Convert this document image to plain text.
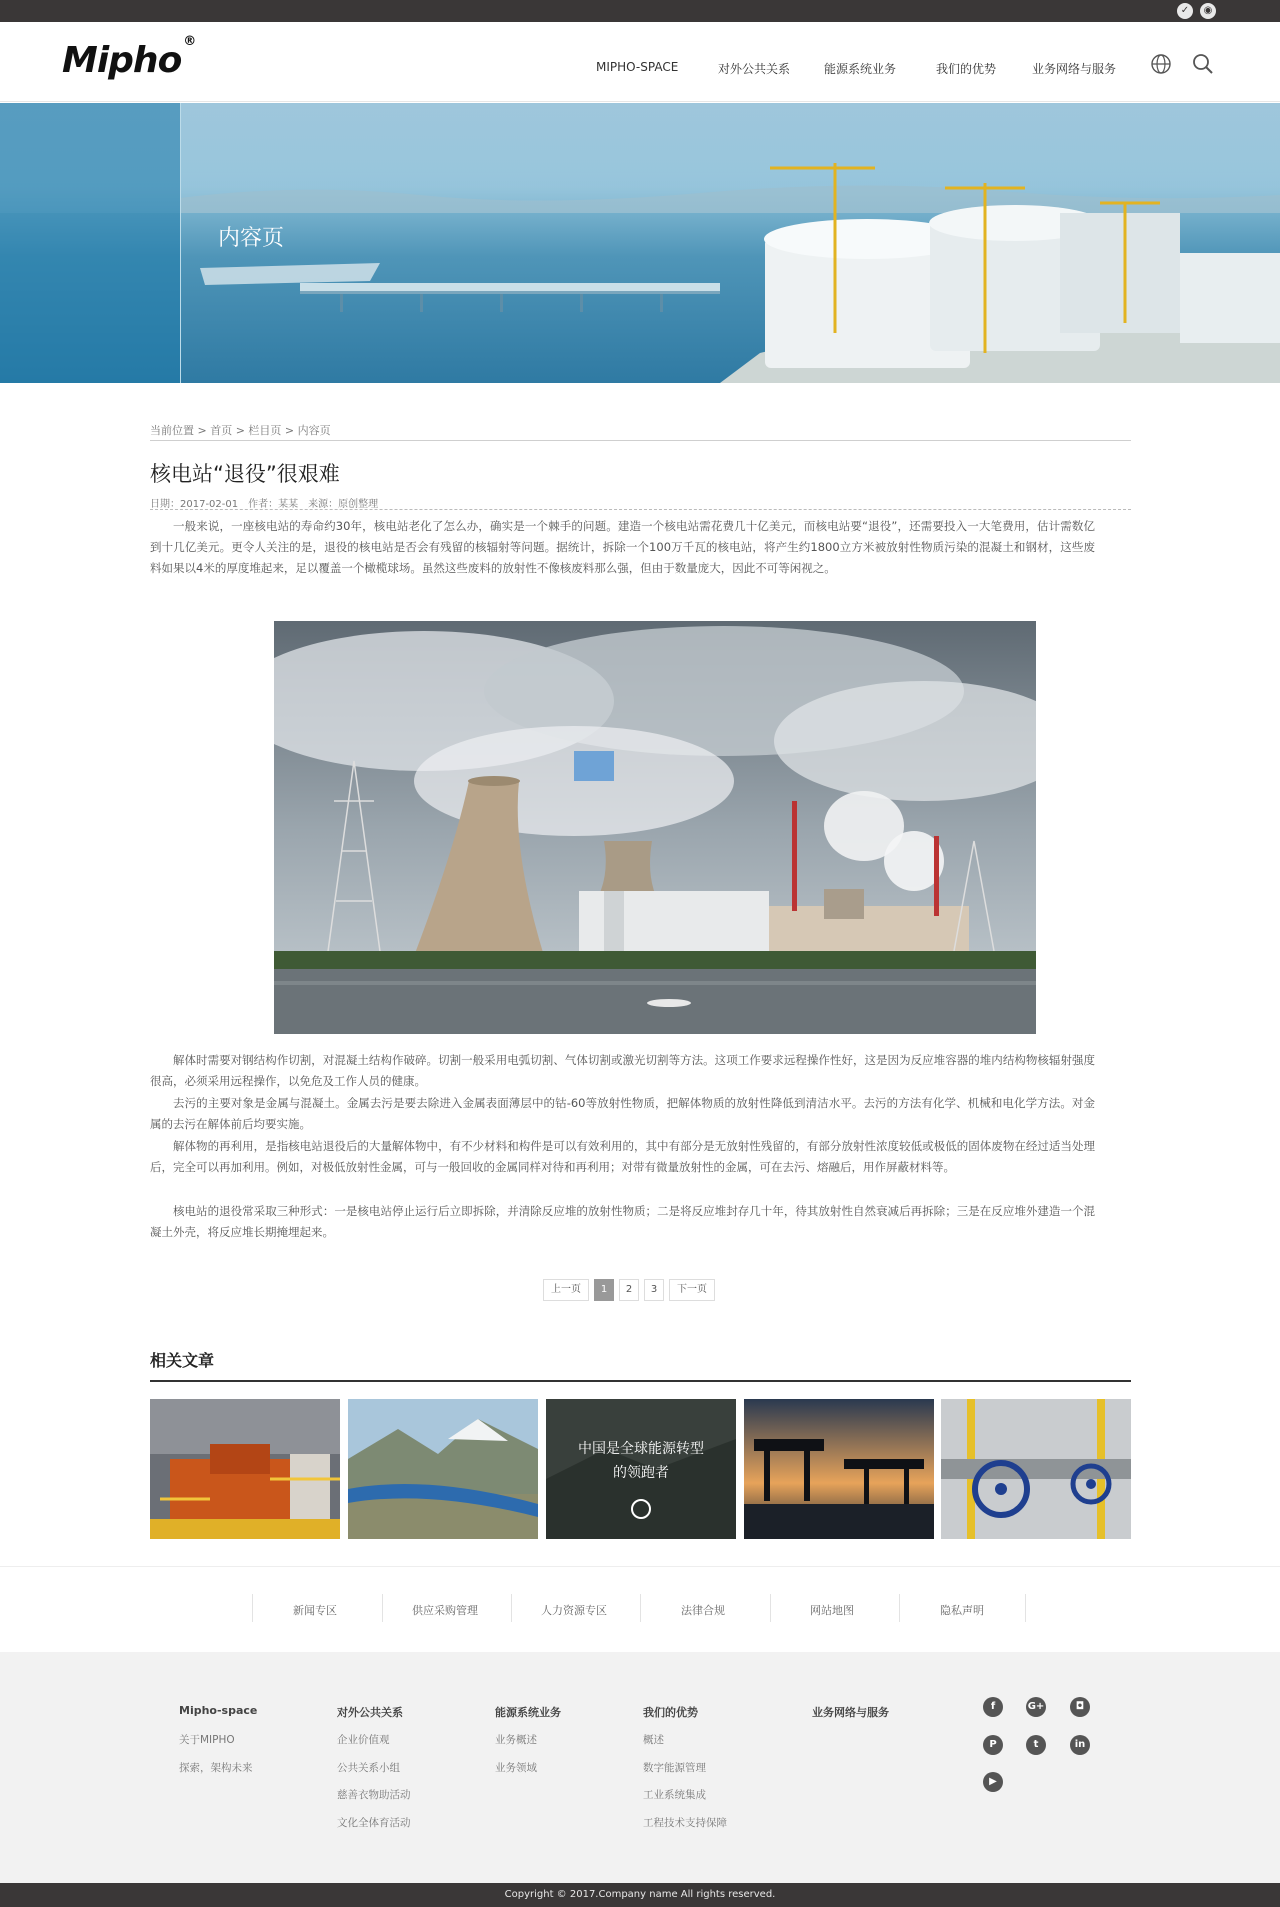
✓	◉
Mipho ®
MIPHO-SPACE	对外公共关系	能源系统业务	我们的优势	业务网络与服务
内容页
当前位置 > 首页 > 栏目页 > 内容页
核电站“退役”很艰难
日期：2017-02-01　作者：某某　来源：原创整理

一般来说，一座核电站的寿命约30年，核电站老化了怎么办，确实是一个棘手的问题。建造一个核电站需花费几十亿美元，而核电站要“退役”，还需要投入一大笔费用，估计需数亿到十几亿美元。更令人关注的是，退役的核电站是否会有残留的核辐射等问题。据统计，拆除一个100万千瓦的核电站，将产生约1800立方米被放射性物质污染的混凝土和钢材，这些废料如果以4米的厚度堆起来，足以覆盖一个橄榄球场。虽然这些废料的放射性不像核废料那么强，但由于数量庞大，因此不可等闲视之。

解体时需要对钢结构作切割，对混凝土结构作破碎。切割一般采用电弧切割、气体切割或激光切割等方法。这项工作要求远程操作性好，这是因为反应堆容器的堆内结构物核辐射强度很高，必须采用远程操作，以免危及工作人员的健康。

去污的主要对象是金属与混凝土。金属去污是要去除进入金属表面薄层中的钴-60等放射性物质，把解体物质的放射性降低到清洁水平。去污的方法有化学、机械和电化学方法。对金属的去污在解体前后均要实施。

解体物的再利用，是指核电站退役后的大量解体物中，有不少材料和构件是可以有效利用的，其中有部分是无放射性残留的，有部分放射性浓度较低或极低的固体废物在经过适当处理后，完全可以再加利用。例如，对极低放射性金属，可与一般回收的金属同样对待和再利用；对带有微量放射性的金属，可在去污、熔融后，用作屏蔽材料等。

核电站的退役常采取三种形式：一是核电站停止运行后立即拆除，并清除反应堆的放射性物质；二是将反应堆封存几十年，待其放射性自然衰减后再拆除；三是在反应堆外建造一个混凝土外壳，将反应堆长期掩埋起来。

上一页	1	2	3	下一页
相关文章
中国是全球能源转型
的领跑者
新闻专区	供应采购管理	人力资源专区	法律合规	网站地图	隐私声明
Mipho-space
关于MIPHO
探索，架构未来
对外公共关系
企业价值观
公共关系小组
慈善衣物助活动
文化全体育活动
能源系统业务
业务概述
业务领域
我们的优势
概述
数字能源管理
工业系统集成
工程技术支持保障
业务网络与服务	f	G+	◘
P	t	in
▶
Copyright © 2017.Company name All rights reserved.
